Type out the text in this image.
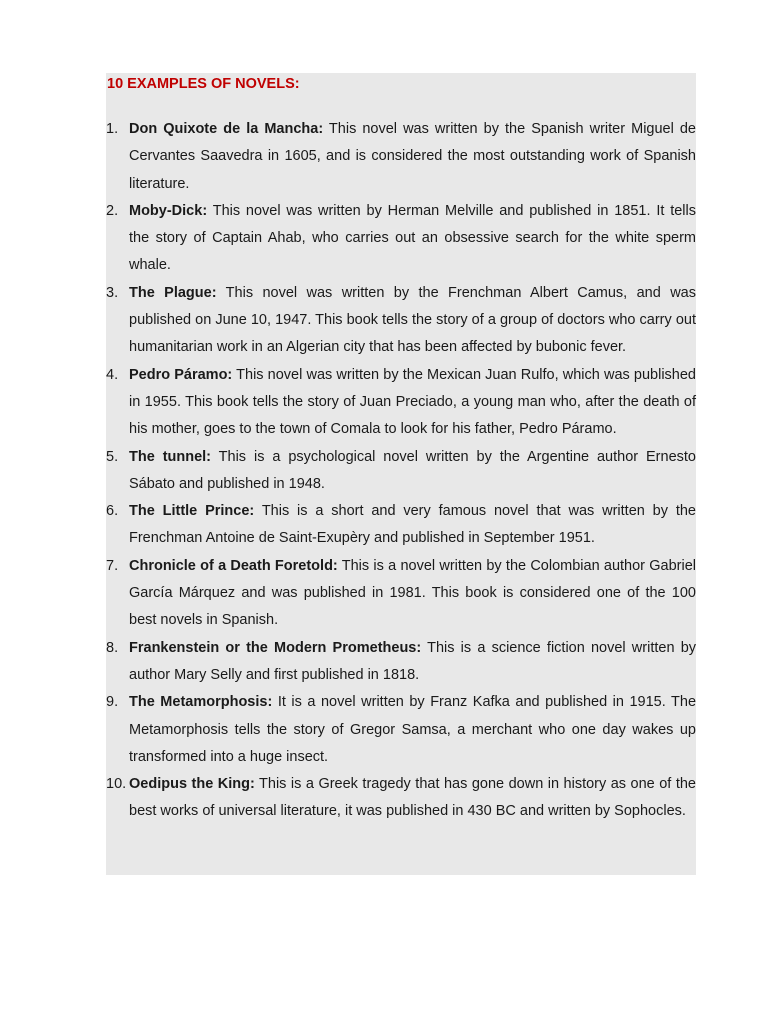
10 EXAMPLES OF NOVELS:
1. Don Quixote de la Mancha: This novel was written by the Spanish writer Miguel de Cervantes Saavedra in 1605, and is considered the most outstanding work of Spanish literature.
2. Moby-Dick: This novel was written by Herman Melville and published in 1851. It tells the story of Captain Ahab, who carries out an obsessive search for the white sperm whale.
3. The Plague: This novel was written by the Frenchman Albert Camus, and was published on June 10, 1947. This book tells the story of a group of doctors who carry out humanitarian work in an Algerian city that has been affected by bubonic fever.
4. Pedro Páramo: This novel was written by the Mexican Juan Rulfo, which was published in 1955. This book tells the story of Juan Preciado, a young man who, after the death of his mother, goes to the town of Comala to look for his father, Pedro Páramo.
5. The tunnel: This is a psychological novel written by the Argentine author Ernesto Sábato and published in 1948.
6. The Little Prince: This is a short and very famous novel that was written by the Frenchman Antoine de Saint-Exupèry and published in September 1951.
7. Chronicle of a Death Foretold: This is a novel written by the Colombian author Gabriel García Márquez and was published in 1981. This book is considered one of the 100 best novels in Spanish.
8. Frankenstein or the Modern Prometheus: This is a science fiction novel written by author Mary Selly and first published in 1818.
9. The Metamorphosis: It is a novel written by Franz Kafka and published in 1915. The Metamorphosis tells the story of Gregor Samsa, a merchant who one day wakes up transformed into a huge insect.
10. Oedipus the King: This is a Greek tragedy that has gone down in history as one of the best works of universal literature, it was published in 430 BC and written by Sophocles.
